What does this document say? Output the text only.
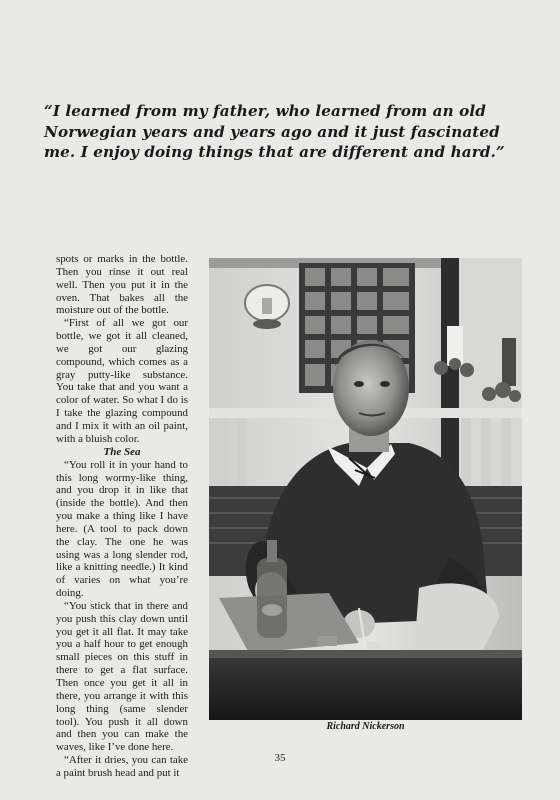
“I learned from my father, who learned from an old Norwegian years and years ago and it just fascinated me. I enjoy doing things that are different and hard.”

spots or marks in the bottle. Then you rinse it out real well. Then you put it in the oven. That bakes all the moisture out of the bottle.

“First of all we got our bottle, we got it all cleaned, we got our glazing compound, which comes as a gray putty-like substance. You take that and you want a color of water. So what I do is I take the glazing compound and I mix it with an oil paint, with a bluish color.

The Sea

“You roll it in your hand to this long wormy-like thing, and you drop it in like that (inside the bottle). And then you make a thing like I have here. (A tool to pack down the clay. The one he was using was a long slender rod, like a knitting needle.) It kind of varies on what you’re doing.

“You stick that in there and you push this clay down until you get it all flat. It may take you a half hour to get enough small pieces on this stuff in there to get a flat surface. Then once you get it all in there, you arrange it with this long thing (same slender tool). You push it all down and then you can make the waves, like I’ve done here.

“After it dries, you can take a paint brush head and put it

Richard Nickerson
35
